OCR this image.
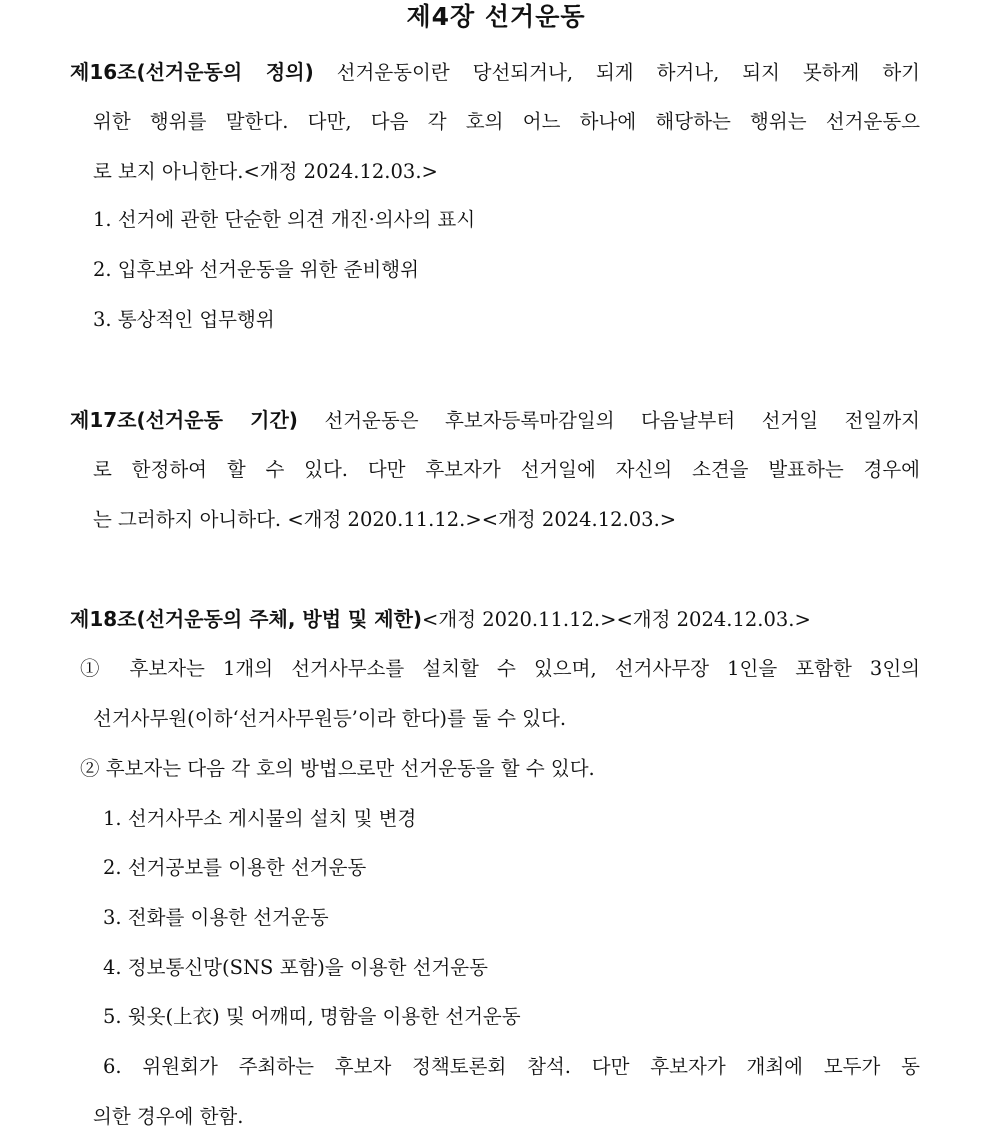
제4장 선거운동
제16조(선거운동의 정의) 선거운동이란 당선되거나, 되게 하거나, 되지 못하게 하기
위한 행위를 말한다. 다만, 다음 각 호의 어느 하나에 해당하는 행위는 선거운동으
로 보지 아니한다.<개정 2024.12.03.>
1. 선거에 관한 단순한 의견 개진·의사의 표시
2. 입후보와 선거운동을 위한 준비행위
3. 통상적인 업무행위
제17조(선거운동 기간) 선거운동은 후보자등록마감일의 다음날부터 선거일 전일까지
로 한정하여 할 수 있다. 다만 후보자가 선거일에 자신의 소견을 발표하는 경우에
는 그러하지 아니하다. <개정 2020.11.12.><개정 2024.12.03.>
제18조(선거운동의 주체, 방법 및 제한)<개정 2020.11.12.><개정 2024.12.03.>
① 후보자는 1개의 선거사무소를 설치할 수 있으며, 선거사무장 1인을 포함한 3인의
선거사무원(이하‘선거사무원등’이라 한다)를 둘 수 있다.
② 후보자는 다음 각 호의 방법으로만 선거운동을 할 수 있다.
1. 선거사무소 게시물의 설치 및 변경
2. 선거공보를 이용한 선거운동
3. 전화를 이용한 선거운동
4. 정보통신망(SNS 포함)을 이용한 선거운동
5. 윗옷(上衣) 및 어깨띠, 명함을 이용한 선거운동
6. 위원회가 주최하는 후보자 정책토론회 참석. 다만 후보자가 개최에 모두가 동
의한 경우에 한함.
